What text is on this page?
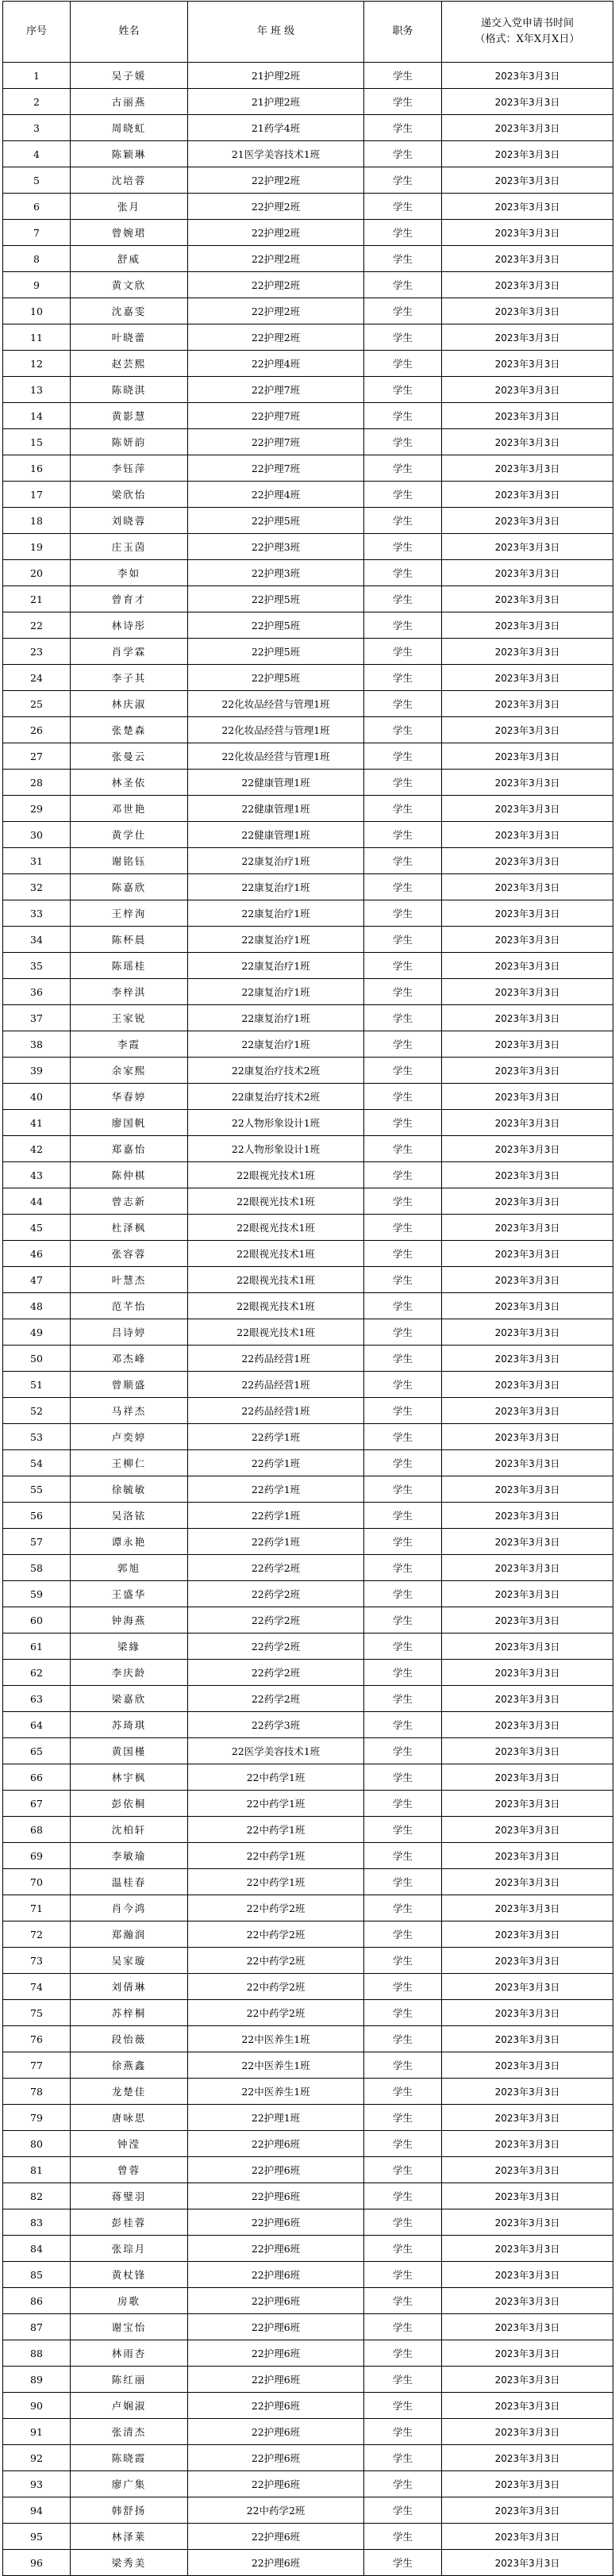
序号	姓名	年 班 级	职务	递交入党申请书时间
（格式：X年X月X日）
1	吴子媛	21护理2班	学生	2023年3月3日
2	古丽燕	21护理2班	学生	2023年3月3日
3	周晓虹	21药学4班	学生	2023年3月3日
4	陈颖琳	21医学美容技术1班	学生	2023年3月3日
5	沈培蓉	22护理2班	学生	2023年3月3日
6	张月	22护理2班	学生	2023年3月3日
7	曾婉珺	22护理2班	学生	2023年3月3日
8	舒威	22护理2班	学生	2023年3月3日
9	黄文欣	22护理2班	学生	2023年3月3日
10	沈嘉雯	22护理2班	学生	2023年3月3日
11	叶晓蕾	22护理2班	学生	2023年3月3日
12	赵芸熙	22护理4班	学生	2023年3月3日
13	陈晓淇	22护理7班	学生	2023年3月3日
14	黄影慧	22护理7班	学生	2023年3月3日
15	陈妍韵	22护理7班	学生	2023年3月3日
16	李钰萍	22护理7班	学生	2023年3月3日
17	梁欣怡	22护理4班	学生	2023年3月3日
18	刘晓蓉	22护理5班	学生	2023年3月3日
19	庄玉茵	22护理3班	学生	2023年3月3日
20	李如	22护理3班	学生	2023年3月3日
21	曾育才	22护理5班	学生	2023年3月3日
22	林诗彤	22护理5班	学生	2023年3月3日
23	肖学霖	22护理5班	学生	2023年3月3日
24	李子其	22护理5班	学生	2023年3月3日
25	林庆淑	22化妆品经营与管理1班	学生	2023年3月3日
26	张楚森	22化妆品经营与管理1班	学生	2023年3月3日
27	张曼云	22化妆品经营与管理1班	学生	2023年3月3日
28	林圣依	22健康管理1班	学生	2023年3月3日
29	邓世艳	22健康管理1班	学生	2023年3月3日
30	黄学仕	22健康管理1班	学生	2023年3月3日
31	谢铭钰	22康复治疗1班	学生	2023年3月3日
32	陈嘉欣	22康复治疗1班	学生	2023年3月3日
33	王梓洵	22康复治疗1班	学生	2023年3月3日
34	陈杯晨	22康复治疗1班	学生	2023年3月3日
35	陈瑶桂	22康复治疗1班	学生	2023年3月3日
36	李梓淇	22康复治疗1班	学生	2023年3月3日
37	王家锐	22康复治疗1班	学生	2023年3月3日
38	李霞	22康复治疗1班	学生	2023年3月3日
39	余家熙	22康复治疗技术2班	学生	2023年3月3日
40	华春婷	22康复治疗技术2班	学生	2023年3月3日
41	廖国帆	22人物形象设计1班	学生	2023年3月3日
42	郑嘉怡	22人物形象设计1班	学生	2023年3月3日
43	陈仲棋	22眼视光技术1班	学生	2023年3月3日
44	曾志新	22眼视光技术1班	学生	2023年3月3日
45	杜泽枫	22眼视光技术1班	学生	2023年3月3日
46	张容蓉	22眼视光技术1班	学生	2023年3月3日
47	叶慧杰	22眼视光技术1班	学生	2023年3月3日
48	范芊怡	22眼视光技术1班	学生	2023年3月3日
49	吕诗婷	22眼视光技术1班	学生	2023年3月3日
50	邓杰峰	22药品经营1班	学生	2023年3月3日
51	曾顺盛	22药品经营1班	学生	2023年3月3日
52	马祥杰	22药品经营1班	学生	2023年3月3日
53	卢奕婷	22药学1班	学生	2023年3月3日
54	王柳仁	22药学1班	学生	2023年3月3日
55	徐毓敏	22药学1班	学生	2023年3月3日
56	吴洛铱	22药学1班	学生	2023年3月3日
57	谭永艳	22药学1班	学生	2023年3月3日
58	郭旭	22药学2班	学生	2023年3月3日
59	王盛华	22药学2班	学生	2023年3月3日
60	钟海燕	22药学2班	学生	2023年3月3日
61	梁緣	22药学2班	学生	2023年3月3日
62	李庆龄	22药学2班	学生	2023年3月3日
63	梁嘉欣	22药学2班	学生	2023年3月3日
64	苏琦琪	22药学3班	学生	2023年3月3日
65	黄国槿	22医学美容技术1班	学生	2023年3月3日
66	林宇枫	22中药学1班	学生	2023年3月3日
67	彭依桐	22中药学1班	学生	2023年3月3日
68	沈柏轩	22中药学1班	学生	2023年3月3日
69	李敏瑜	22中药学1班	学生	2023年3月3日
70	温桂春	22中药学1班	学生	2023年3月3日
71	肖今鸿	22中药学2班	学生	2023年3月3日
72	郑瀚润	22中药学2班	学生	2023年3月3日
73	吴家璇	22中药学2班	学生	2023年3月3日
74	刘倩琳	22中药学2班	学生	2023年3月3日
75	苏梓桐	22中药学2班	学生	2023年3月3日
76	段怡薇	22中医养生1班	学生	2023年3月3日
77	徐燕鑫	22中医养生1班	学生	2023年3月3日
78	龙楚佳	22中医养生1班	学生	2023年3月3日
79	唐咏思	22护理1班	学生	2023年3月3日
80	钟滢	22护理6班	学生	2023年3月3日
81	曾蓉	22护理6班	学生	2023年3月3日
82	蒋璧羽	22护理6班	学生	2023年3月3日
83	彭桂蓉	22护理6班	学生	2023年3月3日
84	张琮月	22护理6班	学生	2023年3月3日
85	黄杖锋	22护理6班	学生	2023年3月3日
86	房歌	22护理6班	学生	2023年3月3日
87	谢宝怡	22护理6班	学生	2023年3月3日
88	林雨杏	22护理6班	学生	2023年3月3日
89	陈红丽	22护理6班	学生	2023年3月3日
90	卢娴淑	22护理6班	学生	2023年3月3日
91	张清杰	22护理6班	学生	2023年3月3日
92	陈晓霞	22护理6班	学生	2023年3月3日
93	廖广集	22护理6班	学生	2023年3月3日
94	韩舒扬	22中药学2班	学生	2023年3月3日
95	林泽莱	22护理6班	学生	2023年3月3日
96	梁秀美	22护理6班	学生	2023年3月3日
